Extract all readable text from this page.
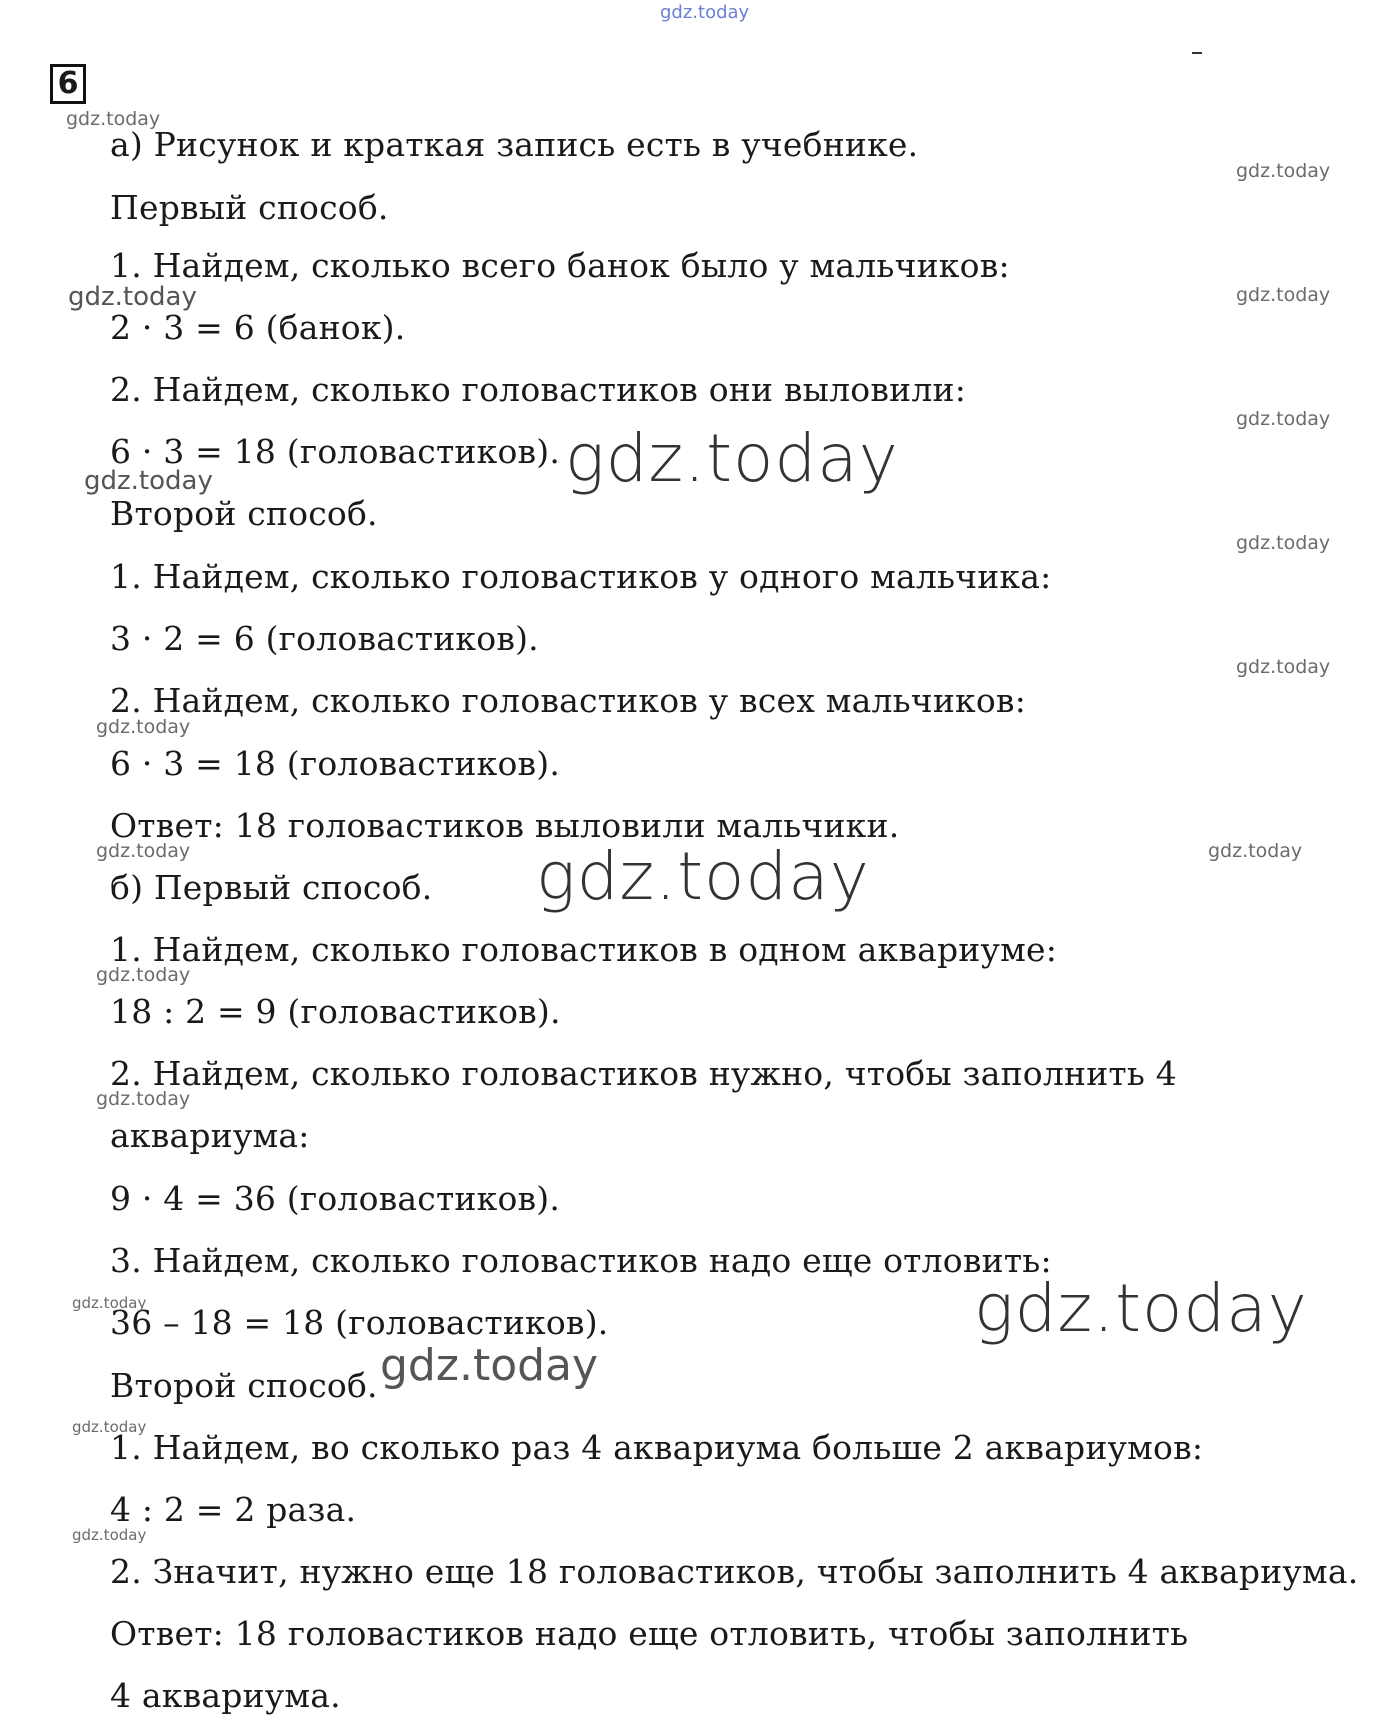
6
а) Рисунок и краткая запись есть в учебнике.
Первый способ.
1. Найдем, сколько всего банок было у мальчиков:
2 · 3 = 6 (банок).
2. Найдем, сколько головастиков они выловили:
6 · 3 = 18 (головастиков).
Второй способ.
1. Найдем, сколько головастиков у одного мальчика:
3 · 2 = 6 (головастиков).
2. Найдем, сколько головастиков у всех мальчиков:
6 · 3 = 18 (головастиков).
Ответ: 18 головастиков выловили мальчики.
б) Первый способ.
1. Найдем, сколько головастиков в одном аквариуме:
18 : 2 = 9 (головастиков).
2. Найдем, сколько головастиков нужно, чтобы заполнить 4
аквариума:
9 · 4 = 36 (головастиков).
3. Найдем, сколько головастиков надо еще отловить:
36 – 18 = 18 (головастиков).
Второй способ.
1. Найдем, во сколько раз 4 аквариума больше 2 аквариумов:
4 : 2 = 2 раза.
2. Значит, нужно еще 18 головастиков, чтобы заполнить 4 аквариума.
Ответ: 18 головастиков надо еще отловить, чтобы заполнить
4 аквариума.
gdz.today
gdz.today
gdz.today
gdz.today	gdz.today
gdz.today
gdz.today
gdz.today
gdz.today
gdz.today
gdz.today
gdz.today	gdz.today
gdz.today
gdz.today
gdz.today
gdz.today	gdz.today
gdz.today
gdz.today
gdz.today
